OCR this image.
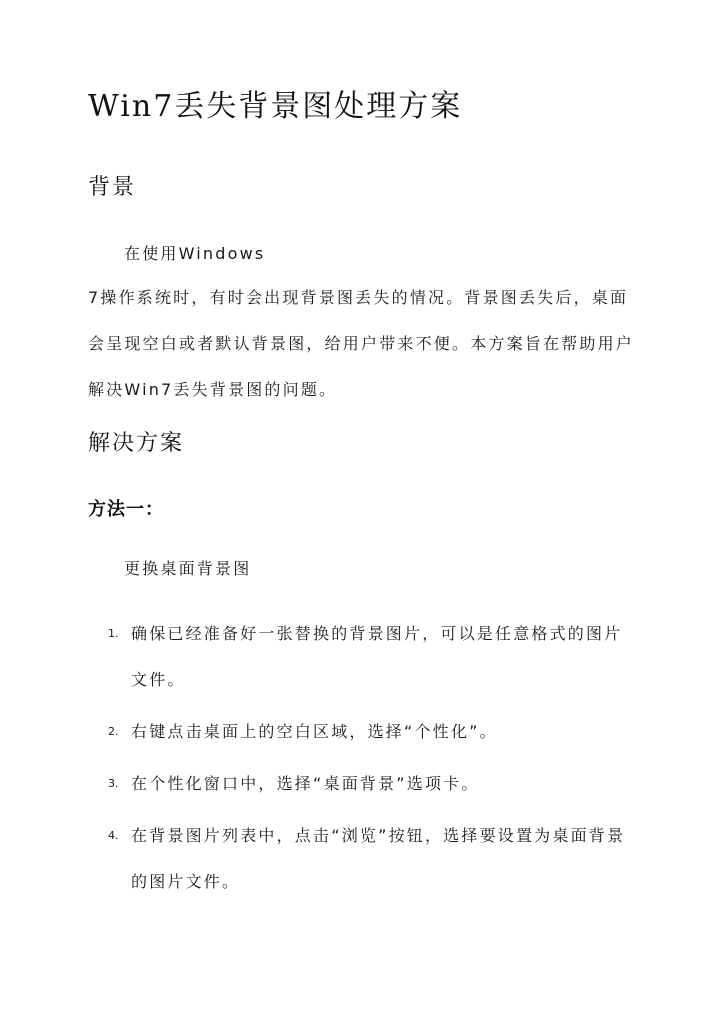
Win7丢失背景图处理方案
背景

在使用Windows

7操作系统时，有时会出现背景图丢失的情况。背景图丢失后，桌面会呈现空白或者默认背景图，给用户带来不便。本方案旨在帮助用户解决Win7丢失背景图的问题。

解决方案
方法一：

更换桌面背景图

1. 确保已经准备好一张替换的背景图片，可以是任意格式的图片文件。
2. 右键点击桌面上的空白区域，选择“个性化”。
3. 在个性化窗口中，选择“桌面背景”选项卡。
4. 在背景图片列表中，点击“浏览”按钮，选择要设置为桌面背景的图片文件。
